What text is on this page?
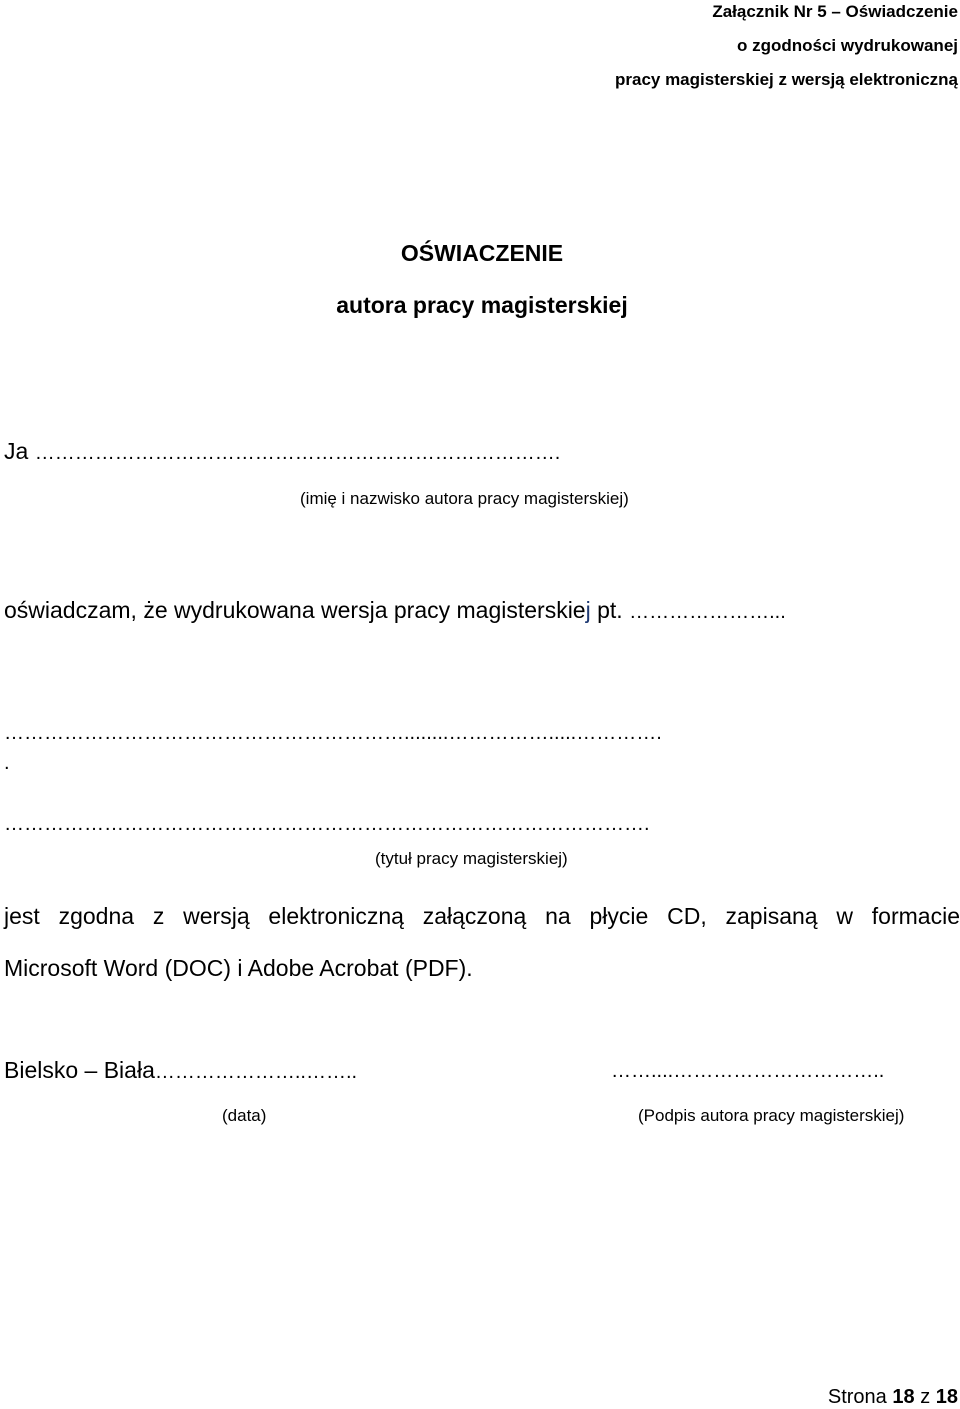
Załącznik Nr 5 – Oświadczenie
o zgodności wydrukowanej
pracy magisterskiej z wersją elektroniczną
OŚWIACZENIE
autora pracy magisterskiej
Ja …………………………………………………………………….
(imię i nazwisko autora pracy magisterskiej)
oświadczam, że wydrukowana wersja pracy magisterskiej pt. …………………...
……………………………………………………........…………….....………….
.
…………………………………………………………………………………….
(tytuł pracy magisterskiej)
jest zgodna z wersją elektroniczną załączoną na płycie CD, zapisaną w formacie
Microsoft Word (DOC) i Adobe Acrobat (PDF).
Bielsko – Biała…………………..……..	……....…………………………..
(data)	(Podpis autora pracy magisterskiej)
Strona 18 z 18
